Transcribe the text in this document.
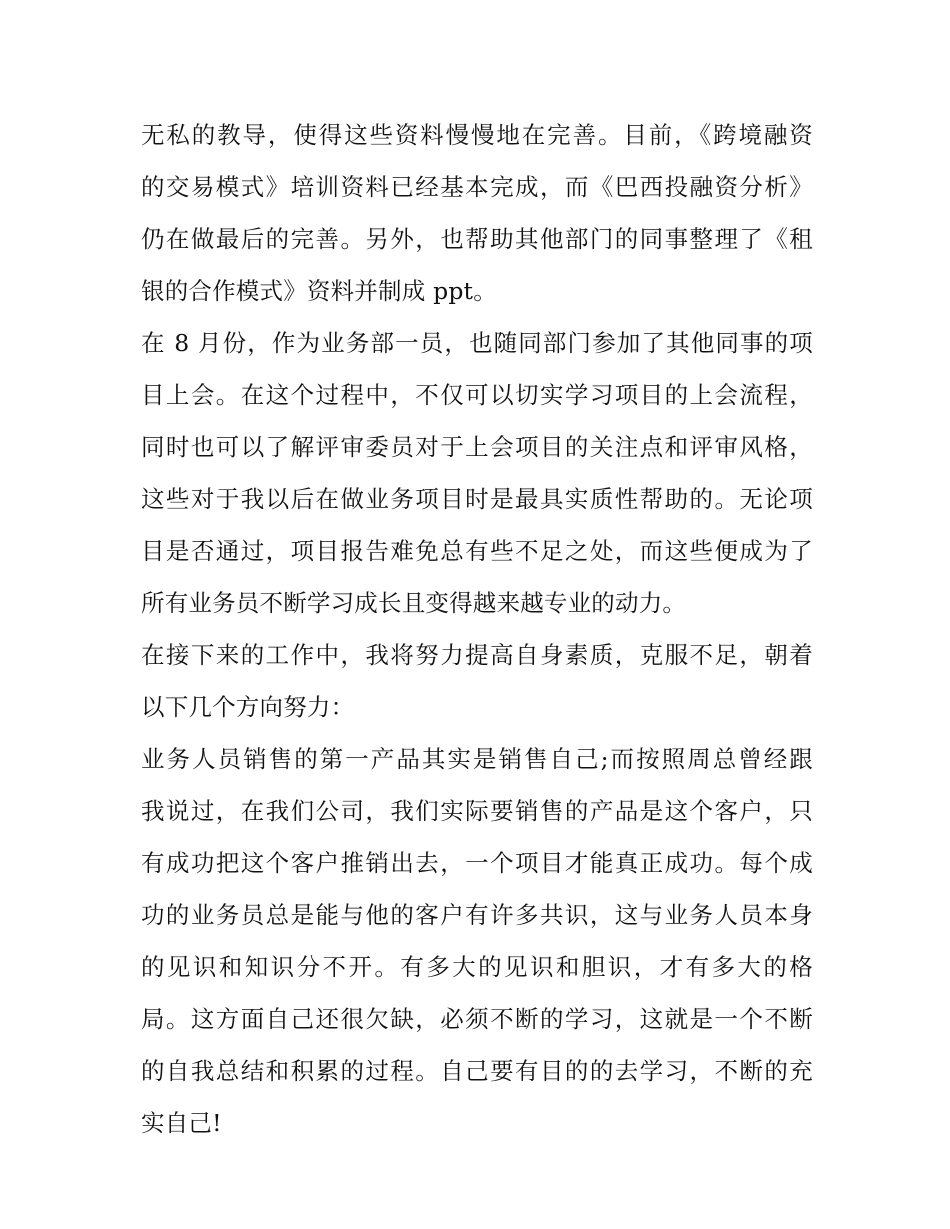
无私的教导，使得这些资料慢慢地在完善。目前，《跨境融资
的交易模式》培训资料已经基本完成，而《巴西投融资分析》
仍在做最后的完善。另外，也帮助其他部门的同事整理了《租
银的合作模式》资料并制成 ppt。
在 8 月份，作为业务部一员，也随同部门参加了其他同事的项
目上会。在这个过程中，不仅可以切实学习项目的上会流程，
同时也可以了解评审委员对于上会项目的关注点和评审风格，
这些对于我以后在做业务项目时是最具实质性帮助的。无论项
目是否通过，项目报告难免总有些不足之处，而这些便成为了
所有业务员不断学习成长且变得越来越专业的动力。
在接下来的工作中，我将努力提高自身素质，克服不足，朝着
以下几个方向努力：
业务人员销售的第一产品其实是销售自己;而按照周总曾经跟
我说过，在我们公司，我们实际要销售的产品是这个客户，只
有成功把这个客户推销出去，一个项目才能真正成功。每个成
功的业务员总是能与他的客户有许多共识，这与业务人员本身
的见识和知识分不开。有多大的见识和胆识，才有多大的格
局。这方面自己还很欠缺，必须不断的学习，这就是一个不断
的自我总结和积累的过程。自己要有目的的去学习，不断的充
实自己!
